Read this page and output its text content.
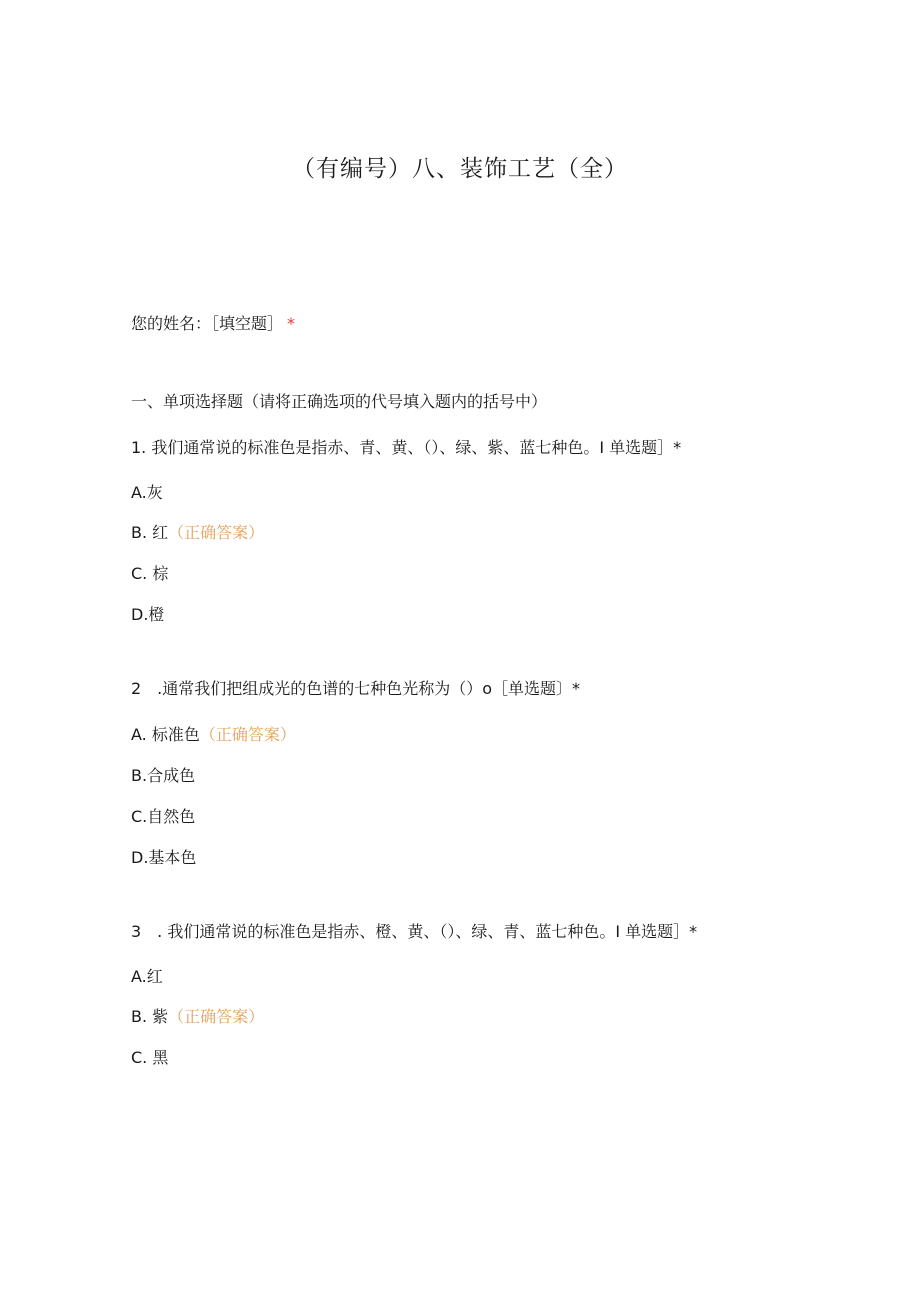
（有编号）八、装饰工艺（全）
您的姓名：［填空题］ *
一、单项选择题（请将正确选项的代号填入题内的括号中）
1. 我们通常说的标准色是指赤、青、黄、（）、绿、紫、蓝七种色。I 单选题］*
A.灰
B. 红（正确答案）
C. 棕
D.橙
2　.通常我们把组成光的色谱的七种色光称为（）o［单选题〕*
A. 标准色（正确答案）
B.合成色
C.自然色
D.基本色
3　. 我们通常说的标准色是指赤、橙、黄、（）、绿、青、蓝七种色。I 单选题］*
A.红
B. 紫（正确答案）
C. 黑
